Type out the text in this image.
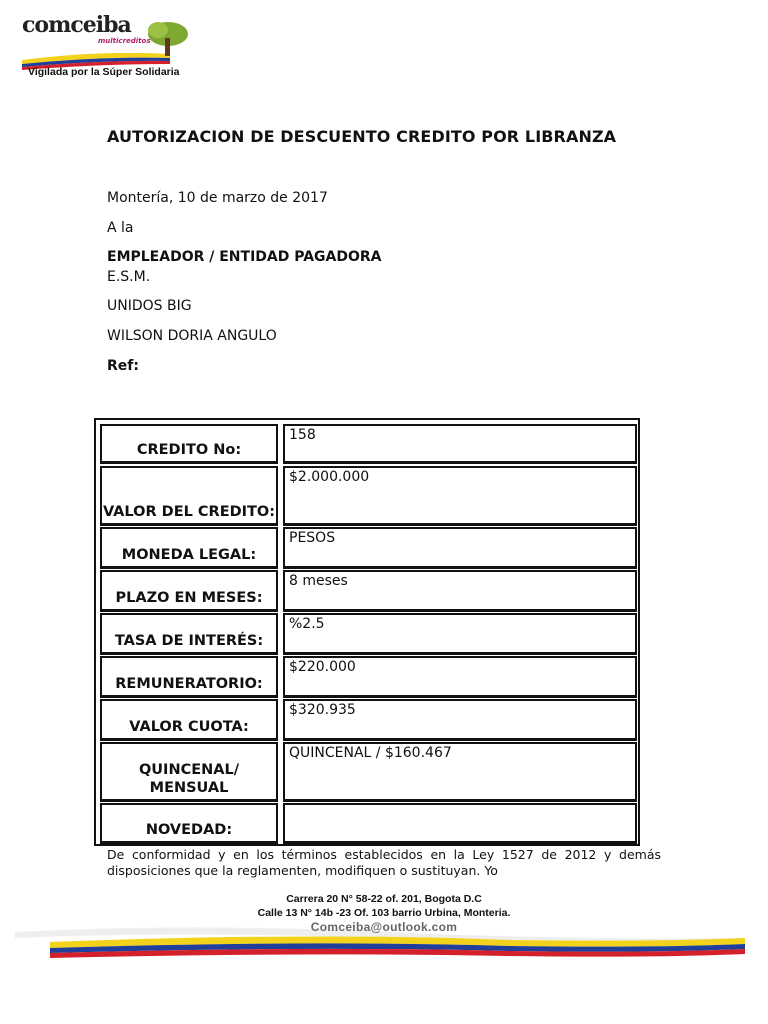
comceiba
multicreditos
Vigilada por la Súper Solidaria
AUTORIZACION DE DESCUENTO CREDITO POR LIBRANZA
Montería, 10 de marzo de 2017
A la
EMPLEADOR / ENTIDAD PAGADORA
E.S.M.
UNIDOS BIG
WILSON DORIA ANGULO
Ref:
CREDITO No:
158
VALOR DEL CREDITO:
$2.000.000
MONEDA LEGAL:
PESOS
PLAZO EN MESES:
8 meses
TASA DE INTERÉS:
%2.5
REMUNERATORIO:
$220.000
VALOR CUOTA:
$320.935
QUINCENAL/ MENSUAL
QUINCENAL / $160.467
NOVEDAD:
De conformidad y en los términos establecidos en la Ley 1527 de 2012 y demás disposiciones que la reglamenten, modifiquen o sustituyan. Yo
Carrera 20 N° 58-22 of. 201, Bogota D.C
Calle 13 N° 14b -23 Of. 103 barrio Urbina, Monteria.
Comceiba@outlook.com
